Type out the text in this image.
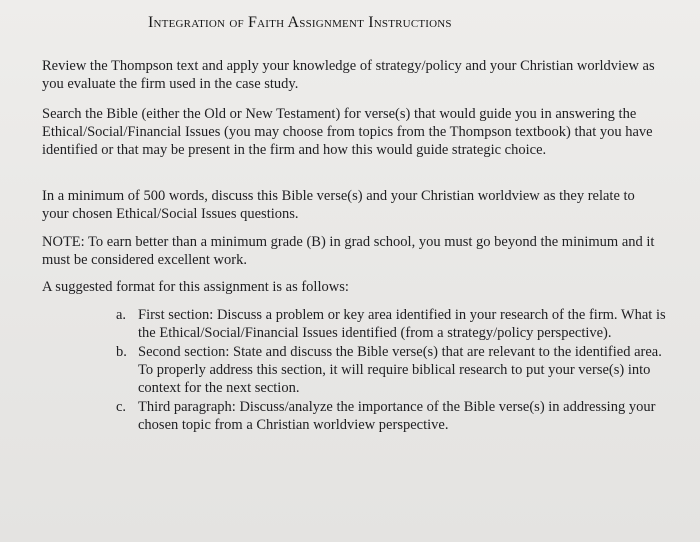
Integration of Faith Assignment Instructions
Review the Thompson text and apply your knowledge of strategy/policy and your Christian worldview as you evaluate the firm used in the case study.
Search the Bible (either the Old or New Testament) for verse(s) that would guide you in answering the Ethical/Social/Financial Issues (you may choose from topics from the Thompson textbook) that you have identified or that may be present in the firm and how this would guide strategic choice.
In a minimum of 500 words, discuss this Bible verse(s) and your Christian worldview as they relate to your chosen Ethical/Social Issues questions.
NOTE: To earn better than a minimum grade (B) in grad school, you must go beyond the minimum and it must be considered excellent work.
A suggested format for this assignment is as follows:
a. First section: Discuss a problem or key area identified in your research of the firm. What is the Ethical/Social/Financial Issues identified (from a strategy/policy perspective).
b. Second section: State and discuss the Bible verse(s) that are relevant to the identified area. To properly address this section, it will require biblical research to put your verse(s) into context for the next section.
c. Third paragraph: Discuss/analyze the importance of the Bible verse(s) in addressing your chosen topic from a Christian worldview perspective.
